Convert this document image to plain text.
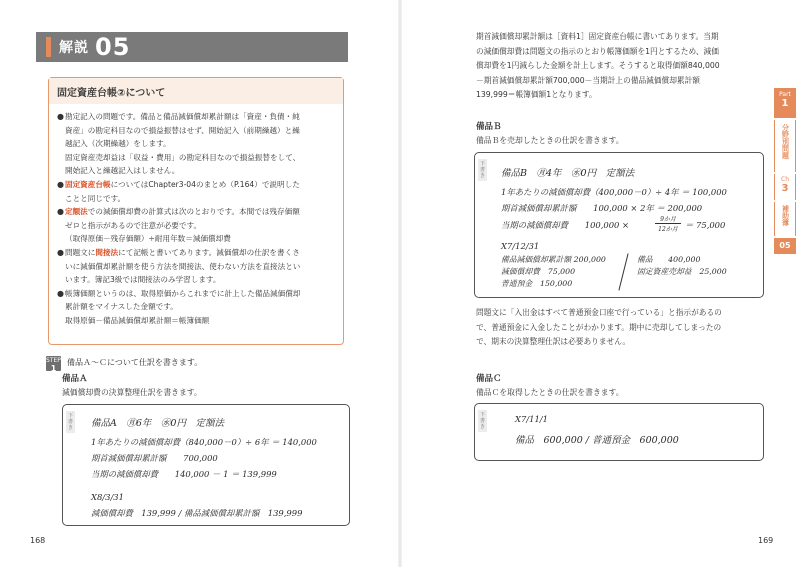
解説 05
固定資産台帳②について
● 勘定記入の問題です。備品と備品減価償却累計額は「資産・負債・純
資産」の勘定科目なので損益振替はせず、開始記入（前期繰越）と繰
越記入（次期繰越）をします。
固定資産売却益は「収益・費用」の勘定科目なので損益振替をして、
開始記入と繰越記入はしません。
● 固定資産台帳についてはChapter3-04のまとめ（P.164）で説明した
ことと同じです。
● 定額法での減価償却費の計算式は次のとおりです。本間では残存価額
ゼロと指示があるので注意が必要です。
（取得原価－残存価額）÷耐用年数＝減価償却費
● 問題文に間接法にて記帳と書いてあります。減価償却の仕訳を書くさ
いに減価償却累計額を使う方法を間接法、使わない方法を直接法とい
います。簿記3級では間接法のみ学習します。
● 帳簿価額というのは、取得原価からこれまでに計上した備品減価償却
累計額をマイナスした金額です。
取得原価－備品減価償却累計額＝帳簿価額
STEP
1
備品Ａ～Ｃについて仕訳を書きます。
備品Ａ
減価償却費の決算整理仕訳を書きます。
下書き 備品A　㊊6年　㊌0円　定額法
1年あたりの減価償却費（840,000－0）÷ 6年 ＝ 140,000
期首減価償却累計額　　700,000
当期の減価償却費　　140,000 － 1 ＝ 139,999
X8/3/31
減価償却費　139,999 / 備品減価償却累計額　139,999
168
期首減価償却累計額は［資料1］固定資産台帳に書いてあります。当期
の減価償却費は問題文の指示のとおり帳簿価額を1円とするため、減価
償却費を1円減らした金額を計上します。そうすると取得価額840,000
－期首減価償却累計額700,000－当期計上の備品減価償却累計額
139,999＝帳簿価額1となります。
備品Ｂ
備品Ｂを売却したときの仕訳を書きます。
下書き 備品B　㊊4年　㊌0円　定額法
1年あたりの減価償却費（400,000－0）÷ 4年 ＝ 100,000
期首減価償却累計額　　100,000 × 2年 ＝ 200,000
当期の減価償却費　　100,000 ×
9か月
12か月 ＝ 75,000
X7/12/31
備品減価償却累計額 200,000
減価償却費　75,000
普通預金　150,000
備品　　400,000
固定資産売却益　25,000
問題文に「入出金はすべて普通預金口座で行っている」と指示があるの
で、普通預金に入金したことがわかります。期中に売却してしまったの
で、期末の決算整理仕訳は必要ありません。
備品Ｃ
備品Ｃを取得したときの仕訳を書きます。
下書き
X7/11/1
備品　600,000 / 普通預金　600,000
169
Part
1
分野別問題
Ch
3
補助簿
05
